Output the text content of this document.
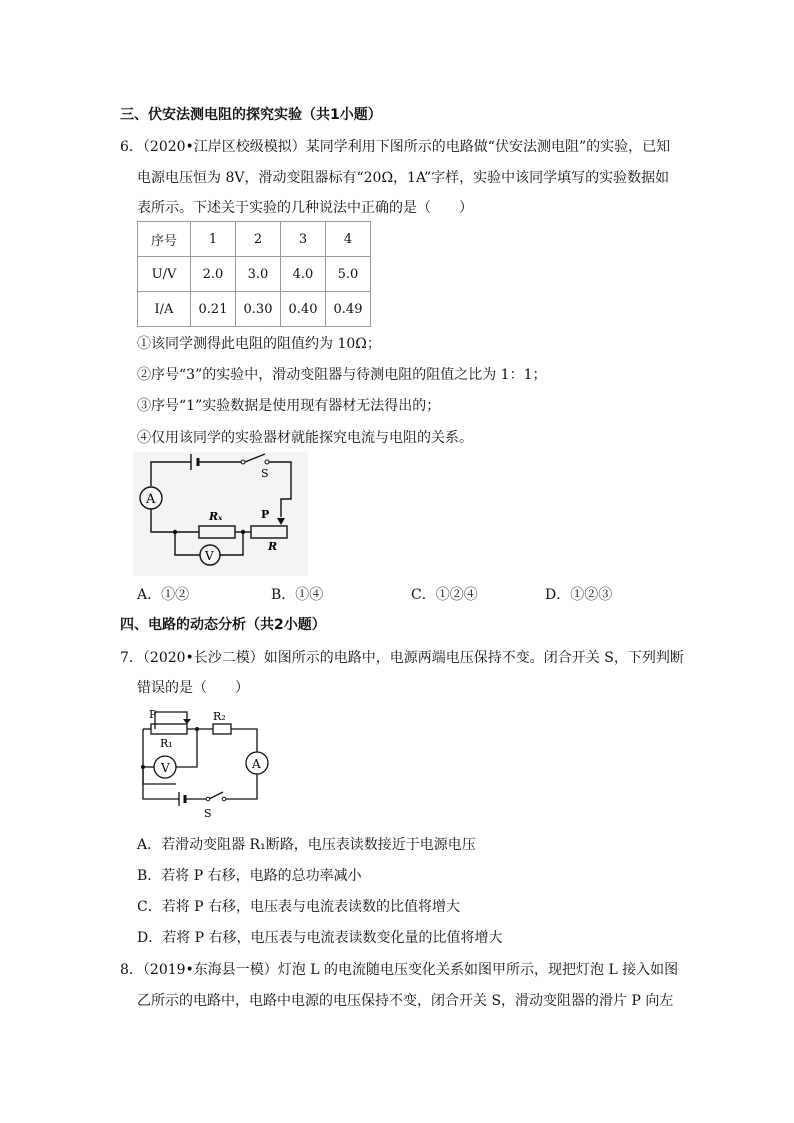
三、伏安法测电阻的探究实验（共1小题）
6．（2020•江岸区校级模拟）某同学利用下图所示的电路做“伏安法测电阻”的实验，已知
电源电压恒为 8V，滑动变阻器标有“20Ω，1A”字样，实验中该同学填写的实验数据如
表所示。下述关于实验的几种说法中正确的是（　　）
序号	1	2	3	4
U/V	2.0	3.0	4.0	5.0
I/A	0.21	0.30	0.40	0.49
①该同学测得此电阻的阻值约为 10Ω；
②序号“3”的实验中，滑动变阻器与待测电阻的阻值之比为 1：1；
③序号“1”实验数据是使用现有器材无法得出的；
④仅用该同学的实验器材就能探究电流与电阻的关系。
S
A
Rₓ	P
R
V
A．①②	B．①④	C．①②④	D．①②③
四、电路的动态分析（共2小题）
7．（2020•长沙二模）如图所示的电路中，电源两端电压保持不变。闭合开关 S，下列判断
错误的是（　　）
P
R₁
R₂
V	A
S
A．若滑动变阻器 R₁断路，电压表读数接近于电源电压
B．若将 P 右移，电路的总功率减小
C．若将 P 右移，电压表与电流表读数的比值将增大
D．若将 P 右移，电压表与电流表读数变化量的比值将增大
8．（2019•东海县一模）灯泡 L 的电流随电压变化关系如图甲所示，现把灯泡 L 接入如图
乙所示的电路中，电路中电源的电压保持不变，闭合开关 S，滑动变阻器的滑片 P 向左
